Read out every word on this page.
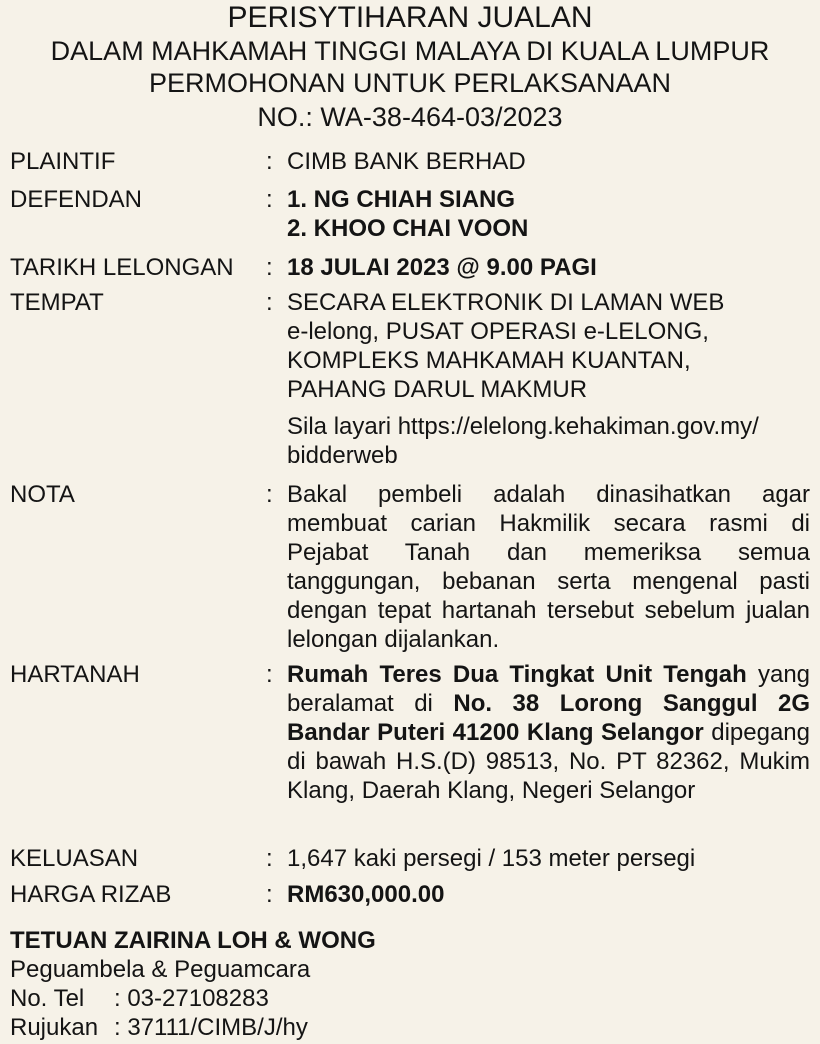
PERISYTIHARAN JUALAN
DALAM MAHKAMAH TINGGI MALAYA DI KUALA LUMPUR
PERMOHONAN UNTUK PERLAKSANAAN
NO.: WA-38-464-03/2023
PLAINTIF	: CIMB BANK BERHAD
DEFENDAN	: 1. NG CHIAH SIANG
2. KHOO CHAI VOON
TARIKH LELONGAN : 18 JULAI 2023 @ 9.00 PAGI
TEMPAT	: SECARA ELEKTRONIK DI LAMAN WEB
e-lelong, PUSAT OPERASI e-LELONG,
KOMPLEKS MAHKAMAH KUANTAN,
PAHANG DARUL MAKMUR
Sila layari https://elelong.kehakiman.gov.my/
bidderweb
NOTA	: Bakal pembeli adalah dinasihatkan agar membuat carian Hakmilik secara rasmi di Pejabat Tanah dan memeriksa semua tanggungan, bebanan serta mengenal pasti dengan tepat hartanah tersebut sebelum jualan lelongan dijalankan.
HARTANAH	: Rumah Teres Dua Tingkat Unit Tengah yang beralamat di No. 38 Lorong Sanggul 2G Bandar Puteri 41200 Klang Selangor dipegang di bawah H.S.(D) 98513, No. PT 82362, Mukim Klang, Daerah Klang, Negeri Selangor
KELUASAN	: 1,647 kaki persegi / 153 meter persegi
HARGA RIZAB	: RM630,000.00
TETUAN ZAIRINA LOH & WONG
Peguambela & Peguamcara
No. Tel : 03-27108283
Rujukan : 37111/CIMB/J/hy
